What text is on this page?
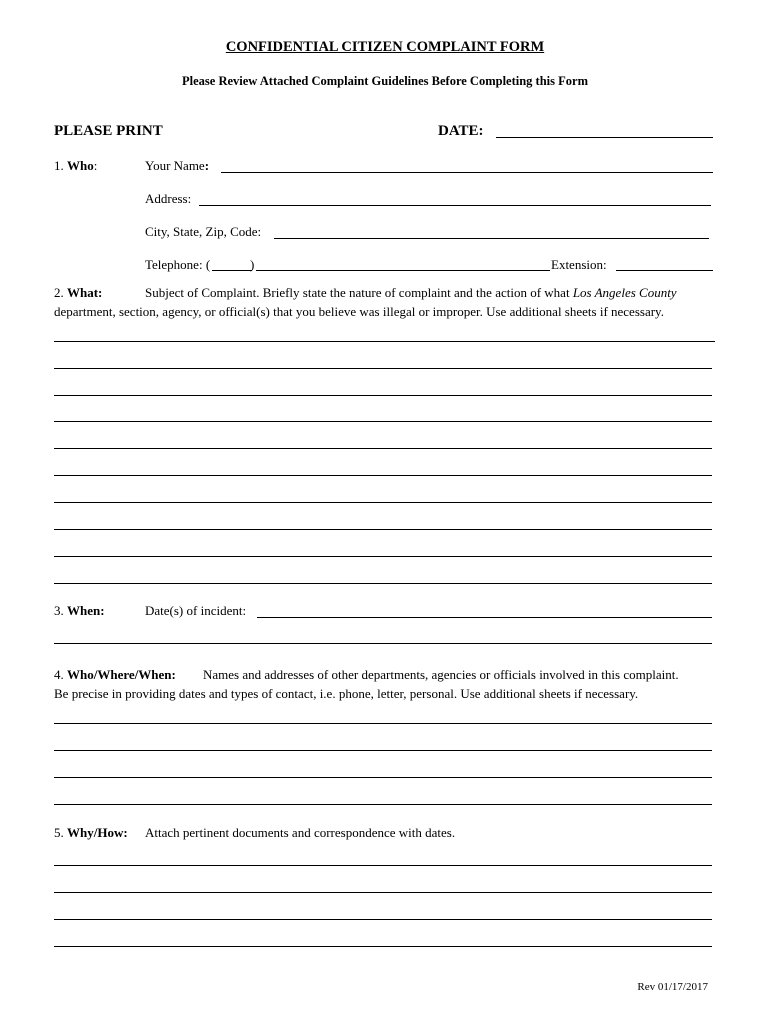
CONFIDENTIAL CITIZEN COMPLAINT FORM
Please Review Attached Complaint Guidelines Before Completing this Form
PLEASE PRINT	DATE:
1. Who:	Your Name:
Address:
City, State, Zip, Code:
Telephone: (	)	Extension:
2. What:	Subject of Complaint. Briefly state the nature of complaint and the action of what Los Angeles County
department, section, agency, or official(s) that you believe was illegal or improper. Use additional sheets if necessary.
3. When:	Date(s) of incident:
4. Who/Where/When: Names and addresses of other departments, agencies or officials involved in this complaint.
Be precise in providing dates and types of contact, i.e. phone, letter, personal. Use additional sheets if necessary.
5. Why/How: Attach pertinent documents and correspondence with dates.
Rev 01/17/2017
